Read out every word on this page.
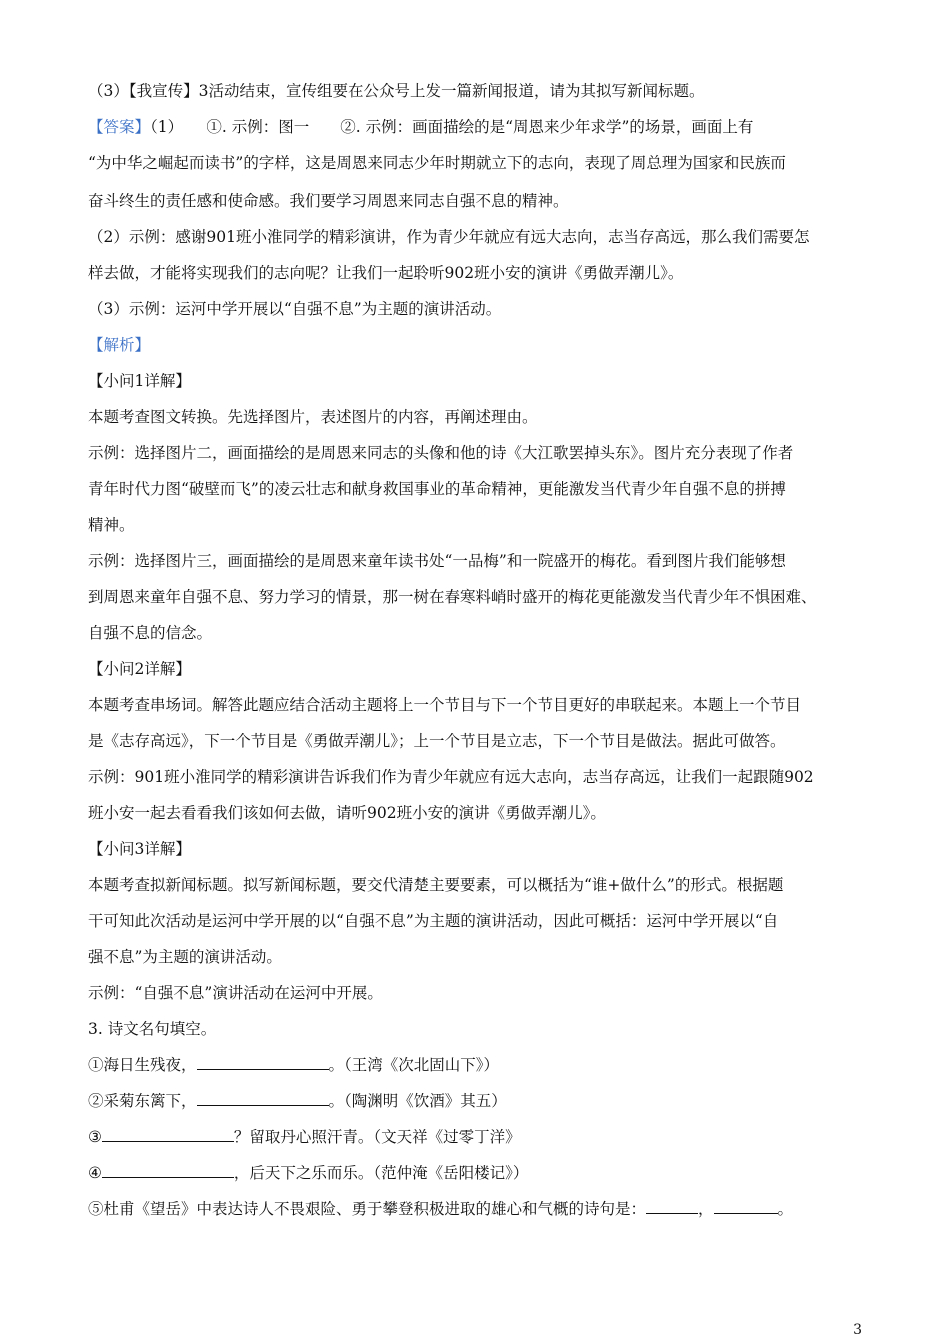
（3）【我宣传】3活动结束，宣传组要在公众号上发一篇新闻报道，请为其拟写新闻标题。
【答案】（1）　　①. 示例：图一　　②. 示例：画面描绘的是“周恩来少年求学”的场景，画面上有
“为中华之崛起而读书”的字样，这是周恩来同志少年时期就立下的志向，表现了周总理为国家和民族而
奋斗终生的责任感和使命感。我们要学习周恩来同志自强不息的精神。
（2）示例：感谢901班小淮同学的精彩演讲，作为青少年就应有远大志向，志当存高远，那么我们需要怎
样去做，才能将实现我们的志向呢？让我们一起聆听902班小安的演讲《勇做弄潮儿》。
（3）示例：运河中学开展以“自强不息”为主题的演讲活动。
【解析】
【小问1详解】
本题考查图文转换。先选择图片，表述图片的内容，再阐述理由。
示例：选择图片二，画面描绘的是周恩来同志的头像和他的诗《大江歌罢掉头东》。图片充分表现了作者
青年时代力图“破壁而飞”的凌云壮志和献身救国事业的革命精神，更能激发当代青少年自强不息的拼搏
精神。
示例：选择图片三，画面描绘的是周恩来童年读书处“一品梅”和一院盛开的梅花。看到图片我们能够想
到周恩来童年自强不息、努力学习的情景，那一树在春寒料峭时盛开的梅花更能激发当代青少年不惧困难、
自强不息的信念。
【小问2详解】
本题考查串场词。解答此题应结合活动主题将上一个节目与下一个节目更好的串联起来。本题上一个节目
是《志存高远》，下一个节目是《勇做弄潮儿》；上一个节目是立志，下一个节目是做法。据此可做答。
示例：901班小淮同学的精彩演讲告诉我们作为青少年就应有远大志向，志当存高远，让我们一起跟随902
班小安一起去看看我们该如何去做，请听902班小安的演讲《勇做弄潮儿》。
【小问3详解】
本题考查拟新闻标题。拟写新闻标题，要交代清楚主要要素，可以概括为“谁+做什么”的形式。根据题
干可知此次活动是运河中学开展的以“自强不息”为主题的演讲活动，因此可概括：运河中学开展以“自
强不息”为主题的演讲活动。
示例：“自强不息”演讲活动在运河中开展。
3. 诗文名句填空。
①海日生残夜，	。（王湾《次北固山下》）
②采菊东篱下，	。（陶渊明《饮酒》其五）
③	？留取丹心照汗青。（文天祥《过零丁洋》
④	，后天下之乐而乐。（范仲淹《岳阳楼记》）
⑤杜甫《望岳》中表达诗人不畏艰险、勇于攀登积极进取的雄心和气概的诗句是：	，	。
3
